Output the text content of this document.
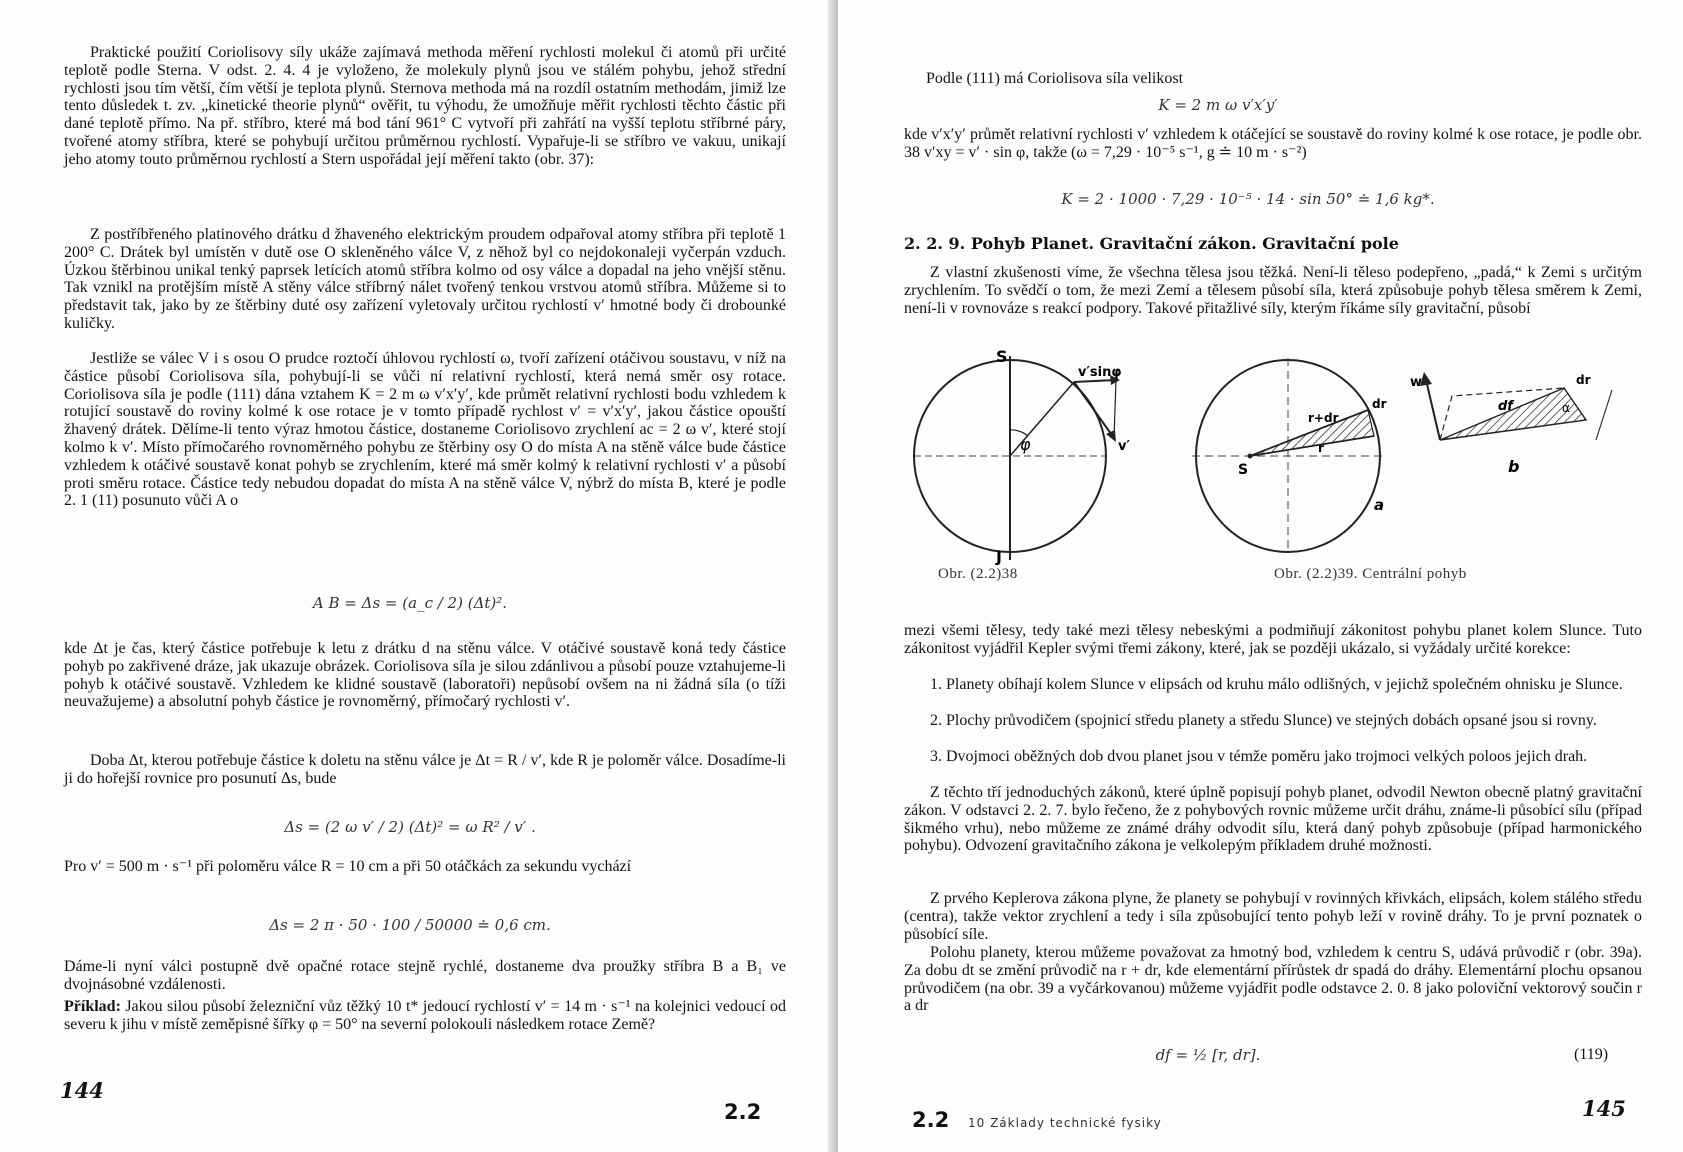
Praktické použití Coriolisovy síly ukáže zajímavá methoda měření rychlosti molekul či atomů při určité teplotě podle Sterna. V odst. 2. 4. 4 je vyloženo, že molekuly plynů jsou ve stálém pohybu, jehož střední rychlosti jsou tím větší, čím větší je teplota plynů. Sternova methoda má na rozdíl ostatním methodám, jimiž lze tento důsledek t. zv. „kinetické theorie plynů“ ověřit, tu výhodu, že umožňuje měřit rychlosti těchto částic při dané teplotě přímo. Na př. stříbro, které má bod tání 961° C vytvoří při zahřátí na vyšší teplotu stříbrné páry, tvořené atomy stříbra, které se pohybují určitou průměrnou rychlostí. Vypařuje-li se stříbro ve vakuu, unikají jeho atomy touto průměrnou rychlostí a Stern uspořádal její měření takto (obr. 37):

Z postříbřeného platinového drátku d žhaveného elektrickým proudem odpařoval atomy stříbra při teplotě 1 200° C. Drátek byl umístěn v dutě ose O skleněného válce V, z něhož byl co nejdokonaleji vyčerpán vzduch. Úzkou štěrbinou unikal tenký paprsek letících atomů stříbra kolmo od osy válce a dopadal na jeho vnější stěnu. Tak vznikl na protějším místě A stěny válce stříbrný nálet tvořený tenkou vrstvou atomů stříbra. Můžeme si to představit tak, jako by ze štěrbiny duté osy zařízení vyletovaly určitou rychlostí v′ hmotné body či drobounké kuličky.

Jestliže se válec V i s osou O prudce roztočí úhlovou rychlostí ω, tvoří zařízení otáčivou soustavu, v níž na částice působí Coriolisova síla, pohybují-li se vůči ní relativní rychlostí, která nemá směr osy rotace. Coriolisova síla je podle (111) dána vztahem K = 2 m ω v′x′y′, kde průmět relativní rychlosti bodu vzhledem k rotující soustavě do roviny kolmé k ose rotace je v tomto případě rychlost v′ = v′x′y′, jakou částice opouští žhavený drátek. Dělíme-li tento výraz hmotou částice, dostaneme Coriolisovo zrychlení ac = 2 ω v′, které stojí kolmo k v′. Místo přímočarého rovnoměrného pohybu ze štěrbiny osy O do místa A na stěně válce bude částice vzhledem k otáčivé soustavě konat pohyb se zrychlením, které má směr kolmý k relativní rychlosti v′ a působí proti směru rotace. Částice tedy nebudou dopadat do místa A na stěně válce V, nýbrž do místa B, které je podle 2. 1 (11) posunuto vůči A o

A B = Δs = (a_c / 2) (Δt)².

kde Δt je čas, který částice potřebuje k letu z drátku d na stěnu válce. V otáčivé soustavě koná tedy částice pohyb po zakřivené dráze, jak ukazuje obrázek. Coriolisova síla je silou zdánlivou a působí pouze vztahujeme-li pohyb k otáčivé soustavě. Vzhledem ke klidné soustavě (laboratoři) nepůsobí ovšem na ni žádná síla (o tíži neuvažujeme) a absolutní pohyb částice je rovnoměrný, přímočarý rychlosti v′.

Doba Δt, kterou potřebuje částice k doletu na stěnu válce je Δt = R / v′, kde R je poloměr válce. Dosadíme-li ji do hořejší rovnice pro posunutí Δs, bude

Δs = (2 ω v′ / 2) (Δt)² = ω R² / v′ .

Pro v′ = 500 m · s⁻¹ při poloměru válce R = 10 cm a při 50 otáčkách za sekundu vychází

Δs = 2 π · 50 · 100 / 50000 ≐ 0,6 cm.

Dáme-li nyní válci postupně dvě opačné rotace stejně rychlé, dostaneme dva proužky stříbra B a B₁ ve dvojnásobné vzdálenosti.

Příklad: Jakou silou působí železniční vůz těžký 10 t* jedoucí rychlostí v′ = 14 m · s⁻¹ na kolejnici vedoucí od severu k jihu v místě zeměpisné šířky φ = 50° na severní polokouli následkem rotace Země?

144
2.2

Podle (111) má Coriolisova síla velikost

K = 2 m ω v′x′y′

kde v′x′y′ průmět relativní rychlosti v′ vzhledem k otáčející se soustavě do roviny kolmé k ose rotace, je podle obr. 38 v′xy = v′ · sin φ, takže (ω = 7,29 · 10⁻⁵ s⁻¹, g ≐ 10 m · s⁻²)

K = 2 · 1000 · 7,29 · 10⁻⁵ · 14 · sin 50° ≐ 1,6 kg*.
2. 2. 9. Pohyb Planet. Gravitační zákon. Gravitační pole

Z vlastní zkušenosti víme, že všechna tělesa jsou těžká. Není-li těleso podepřeno, „padá,“ k Zemi s určitým zrychlením. To svědčí o tom, že mezi Zemí a tělesem působí síla, která způsobuje pohyb tělesa směrem k Zemi, není-li v rovnováze s reakcí podpory. Takové přitažlivé síly, kterým říkáme síly gravitační, působí

S
J
φ
v′sinφ
v′
Obr. (2.2)38
S
r
r+dr
dr
a
w
df
dr
α
b
Obr. (2.2)39. Centrální pohyb

mezi všemi tělesy, tedy také mezi tělesy nebeskými a podmiňují zákonitost pohybu planet kolem Slunce. Tuto zákonitost vyjádřil Kepler svými třemi zákony, které, jak se později ukázalo, si vyžádaly určité korekce:

1. Planety obíhají kolem Slunce v elipsách od kruhu málo odlišných, v jejichž společném ohnisku je Slunce.

2. Plochy průvodičem (spojnicí středu planety a středu Slunce) ve stejných dobách opsané jsou si rovny.

3. Dvojmoci oběžných dob dvou planet jsou v témže poměru jako trojmoci velkých poloos jejich drah.

Z těchto tří jednoduchých zákonů, které úplně popisují pohyb planet, odvodil Newton obecně platný gravitační zákon. V odstavci 2. 2. 7. bylo řečeno, že z pohybových rovnic můžeme určit dráhu, známe-li působící sílu (případ šikmého vrhu), nebo můžeme ze známé dráhy odvodit sílu, která daný pohyb způsobuje (případ harmonického pohybu). Odvození gravitačního zákona je velkolepým příkladem druhé možnosti.

Z prvého Keplerova zákona plyne, že planety se pohybují v rovinných křivkách, elipsách, kolem stálého středu (centra), takže vektor zrychlení a tedy i síla způsobující tento pohyb leží v rovině dráhy. To je první poznatek o působící síle.

Polohu planety, kterou můžeme považovat za hmotný bod, vzhledem k centru S, udává průvodič r (obr. 39a). Za dobu dt se změní průvodič na r + dr, kde elementární přírůstek dr spadá do dráhy. Elementární plochu opsanou průvodičem (na obr. 39 a vyčárkovanou) můžeme vyjádřit podle odstavce 2. 0. 8 jako poloviční vektorový součin r a dr

df = ½ [r, dr].	(119)
2.2 10 Základy technické fysiky
145
